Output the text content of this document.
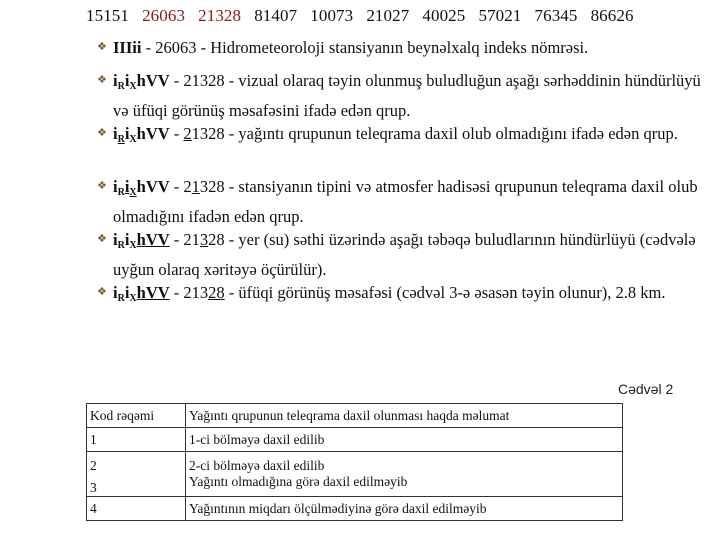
15151 26063 21328 81407 10073 21027 40025 57021 76345 86626
❖ IIIii - 26063 - Hidrometeoroloji stansiyanın beynəlxalq indeks nömrəsi.
❖ $i_Ri_XhVV - 21328$ - vizual olaraq təyin olunmuş buludluğun aşağı sərhəddinin hündürlüyü və üfüqi görünüş məsafəsini ifadə edən qrup.
❖ $i_Ri_XhVV - 21328$ - yağıntı qrupunun teleqrama daxil olub olmadığını ifadə edən qrup.
❖ $i_Ri_XhVV - 21328$ - stansiyanın tipini və atmosfer hadisəsi qrupunun teleqrama daxil olub olmadığını ifadən edən qrup.
❖ $i_Ri_XhVV - 21328$ - yer (su) səthi üzərində aşağı təbəqə buludlarının hündürlüyü (cədvələ uyğun olaraq xəritəyə öçürülür).
❖ $i_Ri_XhVV - 21328$ - üfüqi görünüş məsafəsi (cədvəl 3-ə əsasən təyin olunur), 2.8 km.
Cədvəl 2
Kod rəqəmi	Yağıntı qrupunun teleqrama daxil olunması haqda məlumat
1	1-ci bölməyə daxil edilib
2	2-ci bölməyə daxil edilib
3	Yağıntı olmadığına görə daxil edilməyib
4	Yağıntının miqdarı ölçülmədiyinə görə daxil edilməyib
